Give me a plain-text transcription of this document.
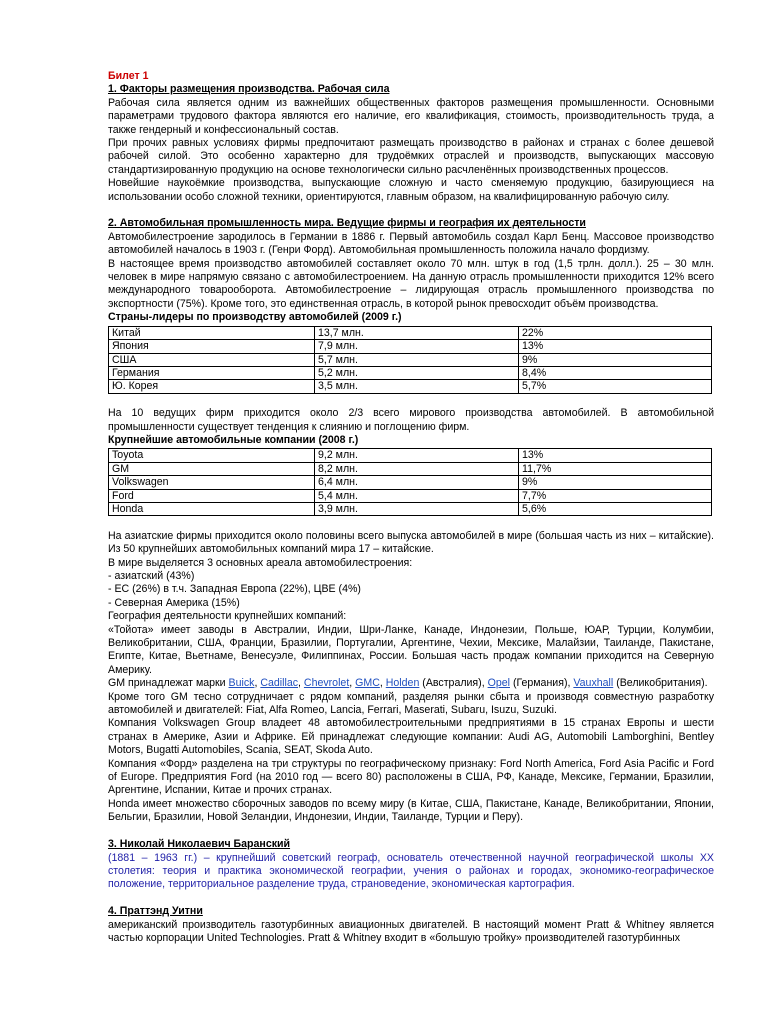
Билет 1

1. Факторы размещения производства. Рабочая сила

Рабочая сила является одним из важнейших общественных факторов размещения промышленности. Основными параметрами трудового фактора являются его наличие, его квалификация, стоимость, производительность труда, а также гендерный и конфессиональный состав.

При прочих равных условиях фирмы предпочитают размещать производство в районах и странах с более дешевой рабочей силой. Это особенно характерно для трудоёмких отраслей и производств, выпускающих массовую стандартизированную продукцию на основе технологически сильно расчленённых производственных процессов.

Новейшие наукоёмкие производства, выпускающие сложную и часто сменяемую продукцию, базирующиеся на использовании особо сложной техники, ориентируются, главным образом, на квалифицированную рабочую силу.

2. Автомобильная промышленность мира. Ведущие фирмы и география их деятельности

Автомобилестроение зародилось в Германии в 1886 г. Первый автомобиль создал Карл Бенц. Массовое производство автомобилей началось в 1903 г. (Генри Форд). Автомобильная промышленность положила начало фордизму.

В настоящее время производство автомобилей составляет около 70 млн. штук в год (1,5 трлн. долл.). 25 – 30 млн. человек в мире напрямую связано с автомобилестроением. На данную отрасль промышленности приходится 12% всего международного товарооборота. Автомобилестроение – лидирующая отрасль промышленного производства по экспортности (75%). Кроме того, это единственная отрасль, в которой рынок превосходит объём производства.

Страны-лидеры по производству автомобилей (2009 г.)

Китай	13,7 млн.	22%
Япония	7,9 млн.	13%
США	5,7 млн.	9%
Германия	5,2 млн.	8,4%
Ю. Корея	3,5 млн.	5,7%

На 10 ведущих фирм приходится около 2/3 всего мирового производства автомобилей. В автомобильной промышленности существует тенденция к слиянию и поглощению фирм.

Крупнейшие автомобильные компании (2008 г.)

Toyota	9,2 млн.	13%
GM	8,2 млн.	11,7%
Volkswagen	6,4 млн.	9%
Ford	5,4 млн.	7,7%
Honda	3,9 млн.	5,6%

На азиатские фирмы приходится около половины всего выпуска автомобилей в мире (большая часть из них – китайские). Из 50 крупнейших автомобильных компаний мира 17 – китайские.

В мире выделяется 3 основных ареала автомобилестроения:

- азиатский (43%)

- ЕС (26%) в т.ч. Западная Европа (22%), ЦВЕ (4%)

- Северная Америка (15%)

География деятельности крупнейших компаний:

«Тойота» имеет заводы в Австралии, Индии, Шри-Ланке, Канаде, Индонезии, Польше, ЮАР, Турции, Колумбии, Великобритании, США, Франции, Бразилии, Португалии, Аргентине, Чехии, Мексике, Малайзии, Таиланде, Пакистане, Египте, Китае, Вьетнаме, Венесуэле, Филиппинах, России. Большая часть продаж компании приходится на Северную Америку.

GM принадлежат марки Buick, Cadillac, Chevrolet, GMC, Holden (Австралия), Opel (Германия), Vauxhall (Великобритания).

Кроме того GM тесно сотрудничает с рядом компаний, разделяя рынки сбыта и производя совместную разработку автомобилей и двигателей: Fiat, Alfa Romeo, Lancia, Ferrari, Maserati, Subaru, Isuzu, Suzuki.

Компания Volkswagen Group владеет 48 автомобилестроительными предприятиями в 15 странах Европы и шести странах в Америке, Азии и Африке. Ей принадлежат следующие компании: Audi AG, Automobili Lamborghini, Bentley Motors, Bugatti Automobiles, Scania, SEAT, Skoda Auto.

Компания «Форд» разделена на три структуры по географическому признаку: Ford North America, Ford Asia Pacific и Ford of Europe. Предприятия Ford (на 2010 год — всего 80) расположены в США, РФ, Канаде, Мексике, Германии, Бразилии, Аргентине, Испании, Китае и прочих странах.

Honda имеет множество сборочных заводов по всему миру (в Китае, США, Пакистане, Канаде, Великобритании, Японии, Бельгии, Бразилии, Новой Зеландии, Индонезии, Индии, Таиланде, Турции и Перу).

3. Николай Николаевич Баранский

(1881 – 1963 гг.) – крупнейший советский географ, основатель отечественной научной географической школы XX столетия: теория и практика экономической географии, учения о районах и городах, экономико-географическое положение, территориальное разделение труда, страноведение, экономическая картография.

4. Праттэнд Уитни

американский производитель газотурбинных авиационных двигателей. В настоящий момент Pratt & Whitney является частью корпорации United Technologies. Pratt & Whitney входит в «большую тройку» производителей газотурбинных
